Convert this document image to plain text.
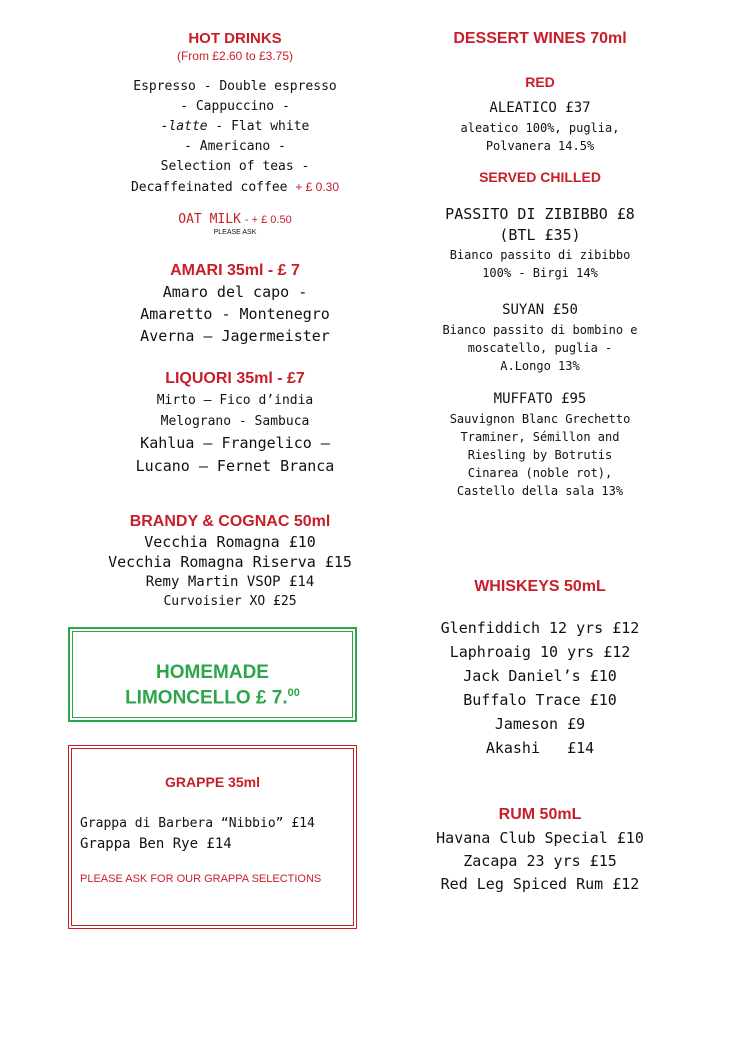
HOT DRINKS
(From £2.60 to £3.75)
Espresso - Double espresso
- Cappuccino -
-latte - Flat white
- Americano -
Selection of teas -
Decaffeinated coffee + £ 0.30
OAT MILK - + £ 0.50
PLEASE ASK
AMARI 35ml - £ 7
Amaro del capo -
Amaretto - Montenegro
Averna – Jagermeister
LIQUORI 35ml - £7
Mirto – Fico d’india
Melograno - Sambuca
Kahlua – Frangelico –
Lucano – Fernet Branca
BRANDY & COGNAC 50ml
Vecchia Romagna £10
Vecchia Romagna Riserva £15
Remy Martin VSOP £14
Curvoisier XO £25
HOMEMADE
LIMONCELLO £ 7.00
GRAPPE 35ml
Grappa di Barbera “Nibbio” £14
Grappa Ben Rye £14
PLEASE ASK FOR OUR GRAPPA SELECTIONS
DESSERT WINES 70ml
RED
ALEATICO £37
aleatico 100%, puglia,
Polvanera 14.5%
SERVED CHILLED
PASSITO DI ZIBIBBO £8
(BTL £35)
Bianco passito di zibibbo
100% - Birgi 14%
SUYAN £50
Bianco passito di bombino e
moscatello, puglia -
A.Longo 13%
MUFFATO £95
Sauvignon Blanc Grechetto
Traminer, Sémillon and
Riesling by Botrutis
Cinarea (noble rot),
Castello della sala 13%
WHISKEYS 50mL
Glenfiddich 12 yrs £12
Laphroaig 10 yrs £12
Jack Daniel’s £10
Buffalo Trace £10
Jameson £9
Akashi   £14
RUM 50mL
Havana Club Special £10
Zacapa 23 yrs £15
Red Leg Spiced Rum £12
